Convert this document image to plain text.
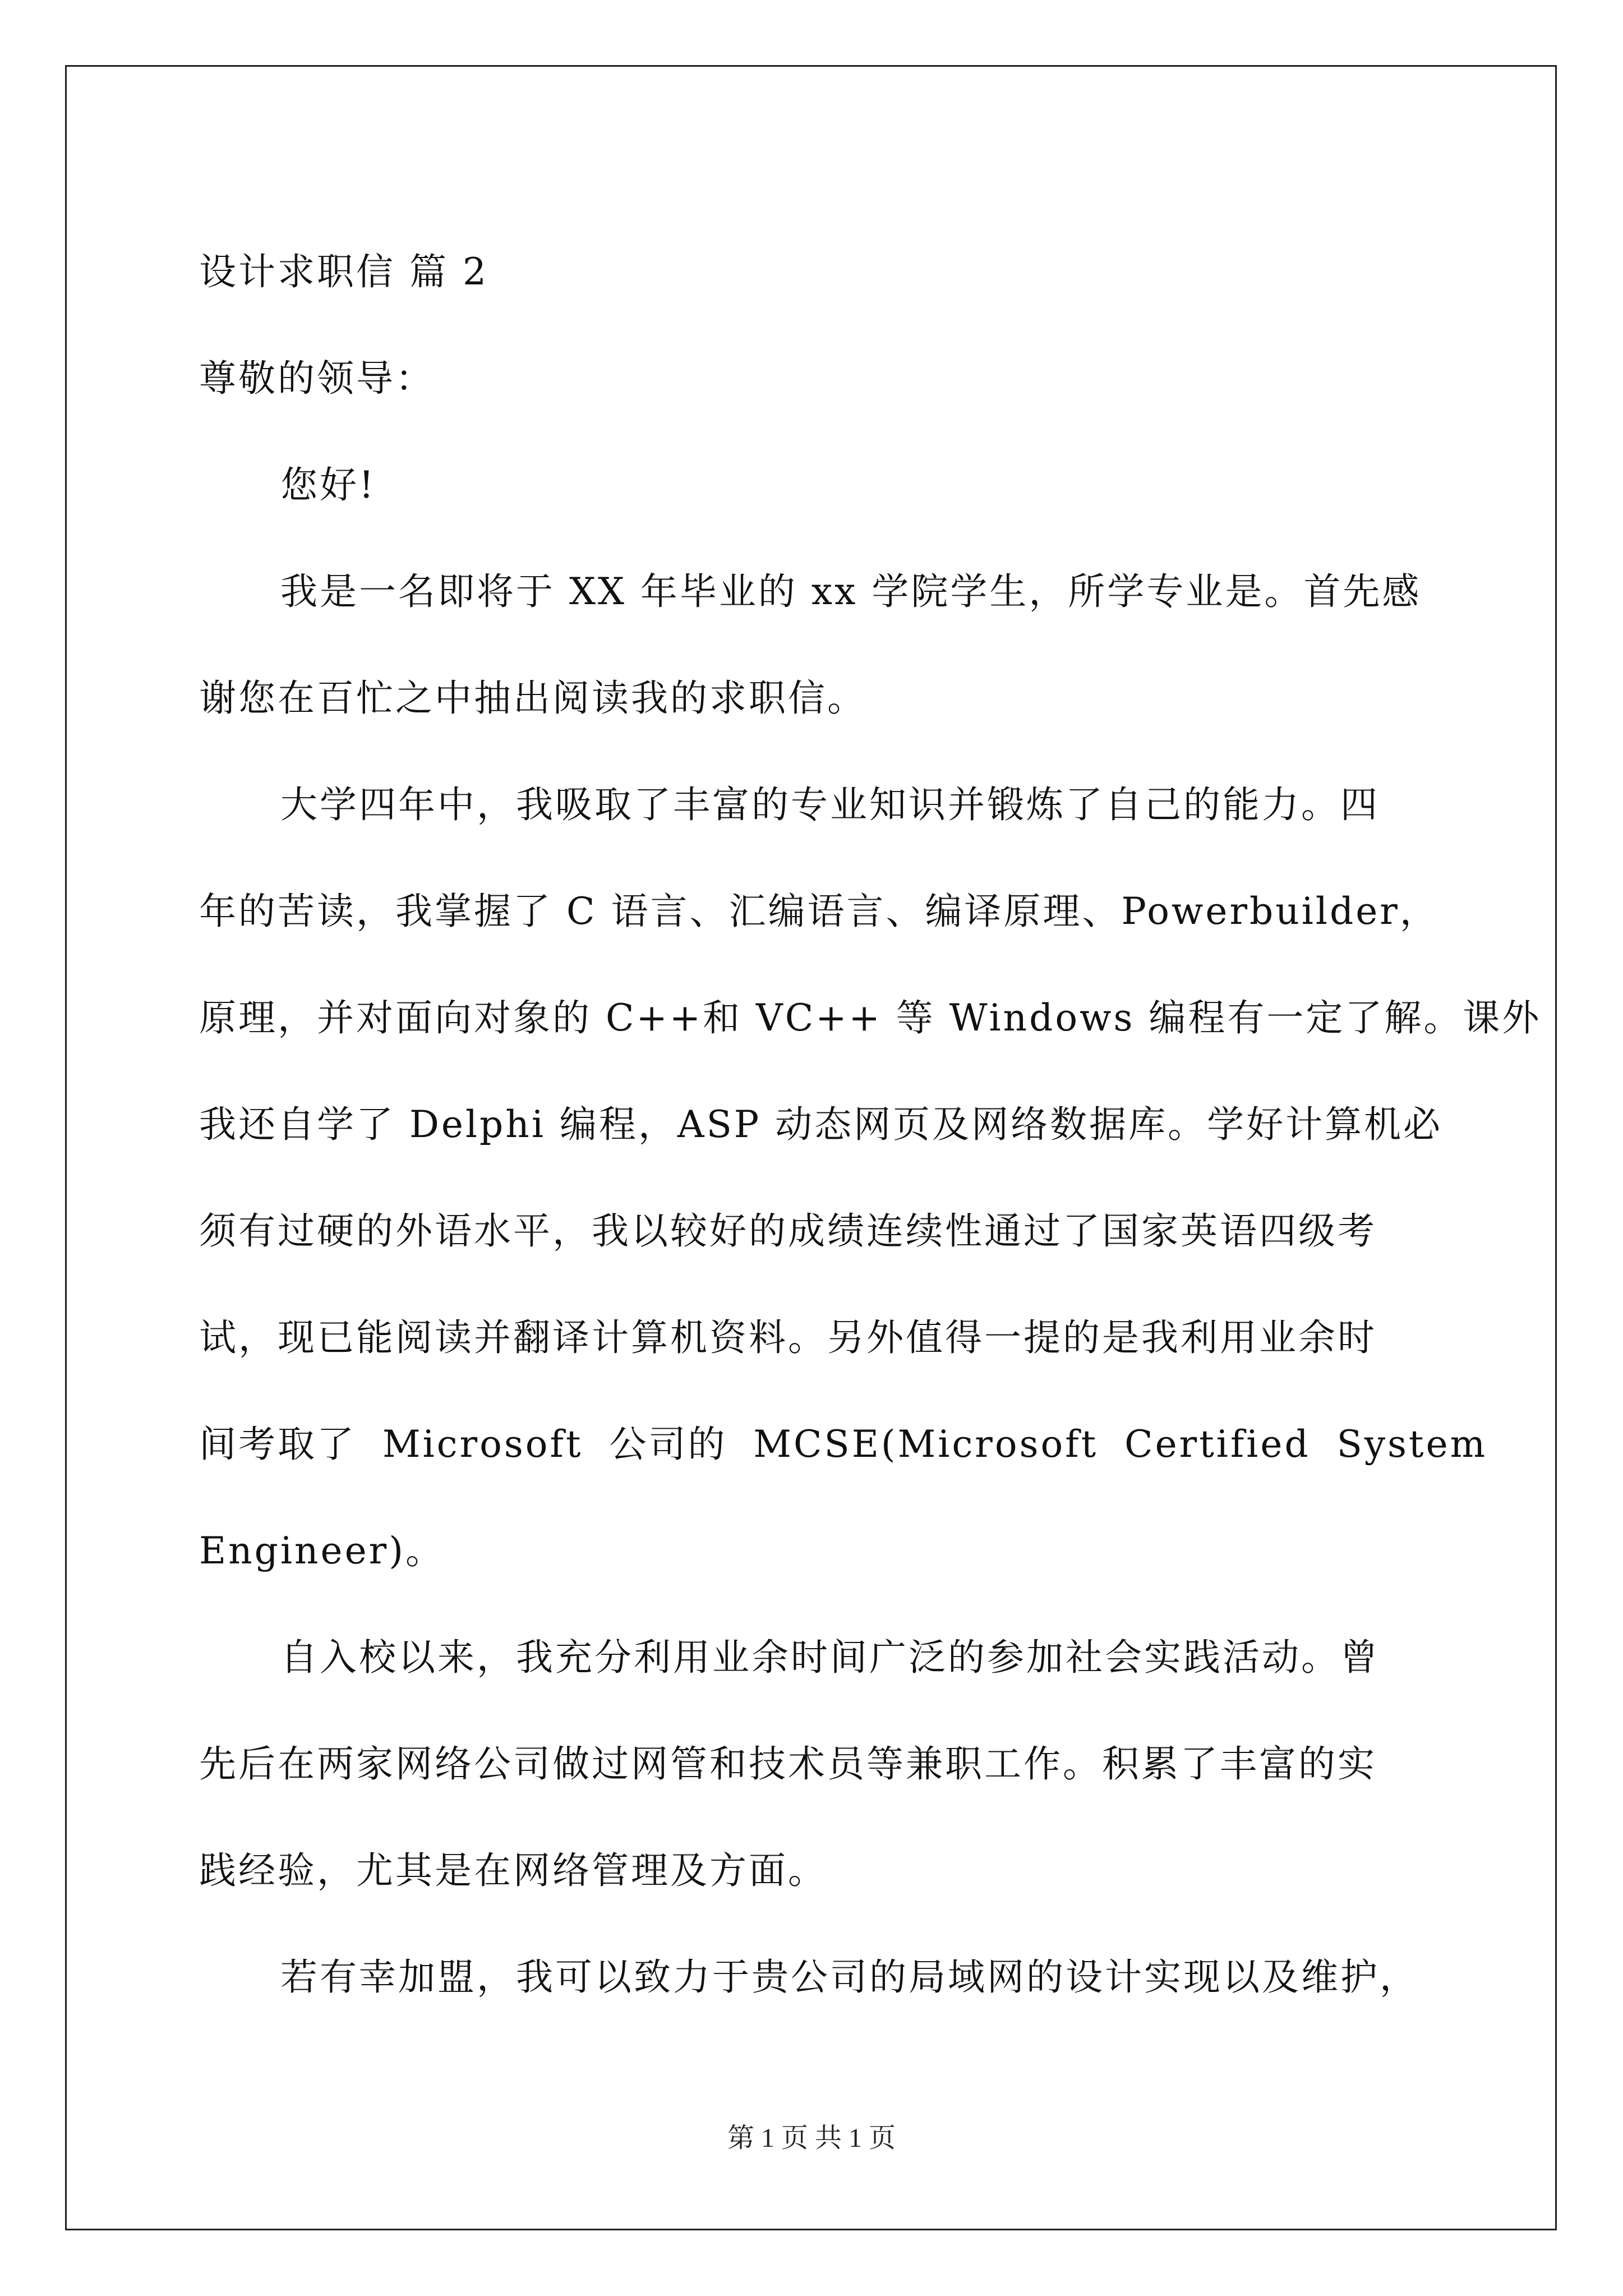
设计求职信 篇 2
尊敬的领导：
您好!
我是一名即将于 XX 年毕业的 xx 学院学生，所学专业是。首先感
谢您在百忙之中抽出阅读我的求职信。
大学四年中，我吸取了丰富的专业知识并锻炼了自己的能力。四
年的苦读，我掌握了 C 语言、汇编语言、编译原理、Powerbuilder，
原理，并对面向对象的 C++和 VC++ 等 Windows 编程有一定了解。课外
我还自学了 Delphi 编程，ASP 动态网页及网络数据库。学好计算机必
须有过硬的外语水平，我以较好的成绩连续性通过了国家英语四级考
试，现已能阅读并翻译计算机资料。另外值得一提的是我利用业余时
间考取了 Microsoft 公司的 MCSE(Microsoft Certified System
Engineer)。
自入校以来，我充分利用业余时间广泛的参加社会实践活动。曾
先后在两家网络公司做过网管和技术员等兼职工作。积累了丰富的实
践经验，尤其是在网络管理及方面。
若有幸加盟，我可以致力于贵公司的局域网的设计实现以及维护，
第 1 页 共 1 页
